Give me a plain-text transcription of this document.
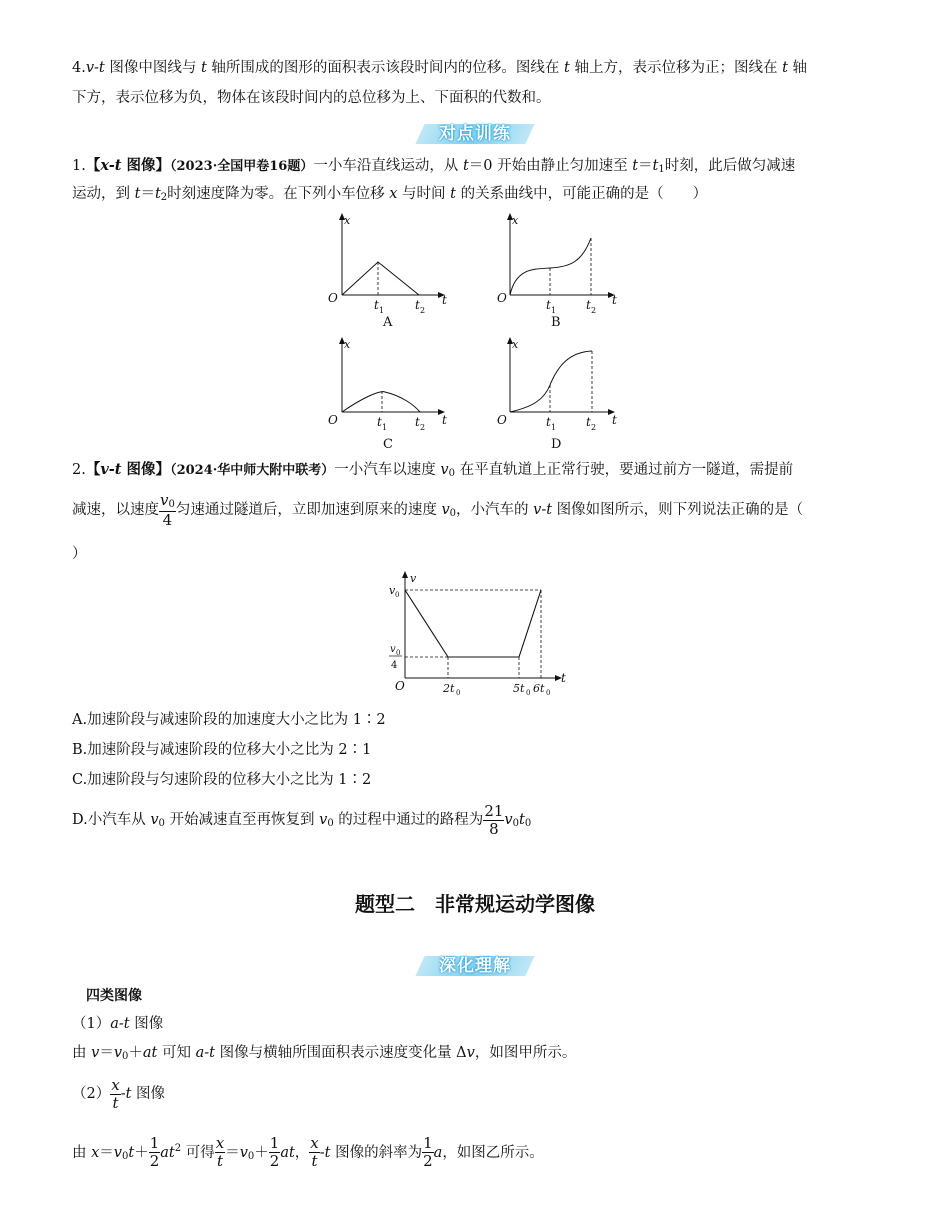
4.v-t 图像中图线与 t 轴所围成的图形的面积表示该段时间内的位移。图线在 t 轴上方，表示位移为正；图线在 t 轴
下方，表示位移为负，物体在该段时间内的总位移为上、下面积的代数和。
对点训练
1.【x-t 图像】（2023·全国甲卷16题）一小车沿直线运动，从 t＝0 开始由静止匀加速至 $t=t_1$时刻，此后做匀减速
运动，到 $t=t_2$时刻速度降为零。在下列小车位移 x 与时间 t 的关系曲线中，可能正确的是（　　）
x
O	t
t 1	t 2
A
x
O	t
t 1 t 2
B
x
O	t
t 1 t 2
C
x
O	t
t 1 t 2
D
2.【v-t 图像】（2024·华中师大附中联考）一小汽车以速度 $v_0$ 在平直轨道上正常行驶，要通过前方一隧道，需提前
减速，以速度 $\frac{v_0}{4}$ 匀速通过隧道后，立即加速到原来的速度 $v_0$，小汽车的 v-t 图像如图所示，则下列说法正确的是（
）
v
t
O
v 0
v 0
4
2t 0	5t 0 6t 0
A.加速阶段与减速阶段的加速度大小之比为 1∶2
B.加速阶段与减速阶段的位移大小之比为 2∶1
C.加速阶段与匀速阶段的位移大小之比为 1∶2
D.小汽车从 $v_0$ 开始减速直至再恢复到 $v_0$ 的过程中通过的路程为 $\frac{21}{8} v_0t_0$
题型二　非常规运动学图像
深化理解
四类图像
（1）a-t 图像
由 $v=v_0+at$ 可知 a-t 图像与横轴所围面积表示速度变化量 Δv，如图甲所示。
$(2) \frac{x}{t} -t$ 图像
由 $x=v_0t+ \frac{1}{2} at^2$ 可得 $\frac{x}{t} =v_0+ \frac{1}{2}$ at， $\frac{x}{t} -t$ 图像的斜率为 $\frac{1}{2}$ a，如图乙所示。
